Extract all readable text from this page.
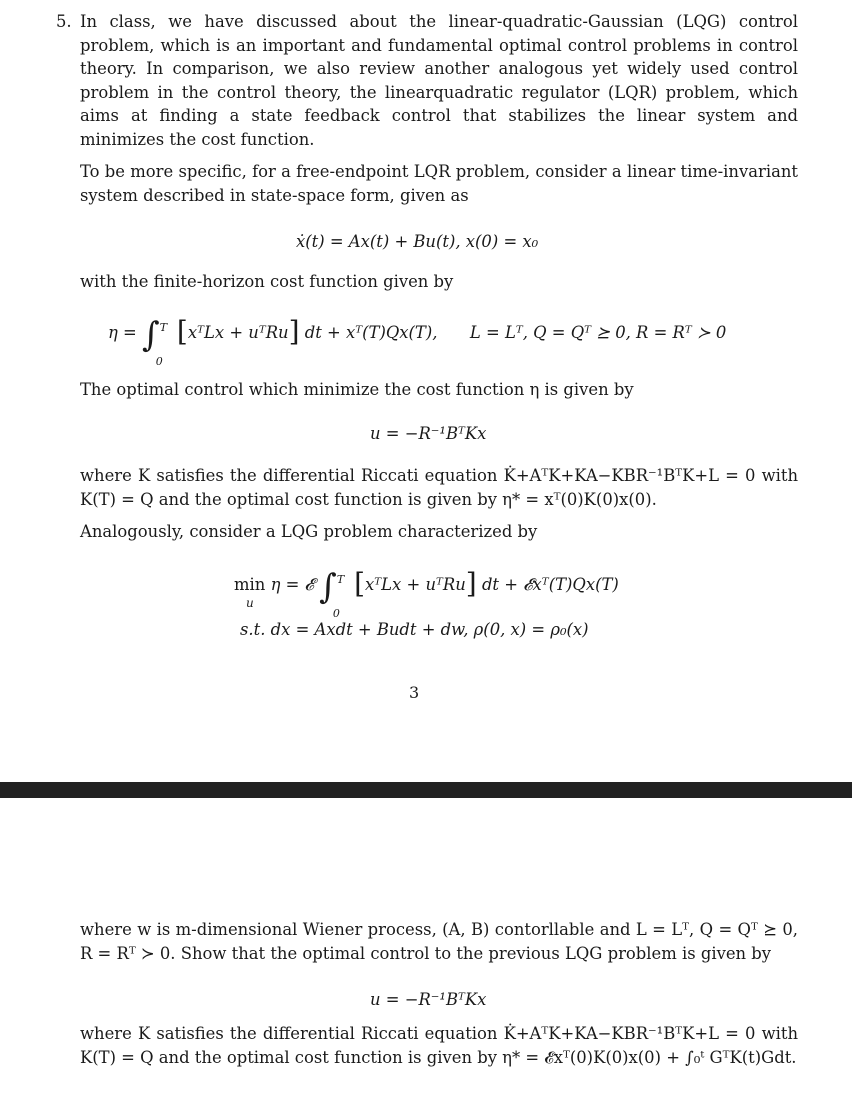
5. In class, we have discussed about the linear-quadratic-Gaussian (LQG) control problem, which is an important and fundamental optimal control problems in control theory. In comparison, we also review another analogous yet widely used control problem in the control theory, the linearquadratic regulator (LQR) problem, which aims at finding a state feedback control that stabilizes the linear system and minimizes the cost function.
To be more specific, for a free-endpoint LQR problem, consider a linear time-invariant system described in state-space form, given as
ẋ(t) = Ax(t) + Bu(t), x(0) = x₀
with the finite-horizon cost function given by
η = ∫ T
0
[xᵀLx + uᵀRu] dt + xᵀ(T)Qx(T), L = Lᵀ, Q = Qᵀ ⪰ 0, R = Rᵀ ≻ 0
The optimal control which minimize the cost function η is given by
u = −R⁻¹BᵀKx
where K satisfies the differential Riccati equation K̇+AᵀK+KA−KBR⁻¹BᵀK+L = 0 with K(T) = Q and the optimal cost function is given by η* = xᵀ(0)K(0)x(0).
Analogously, consider a LQG problem characterized by
min
u
η = 𝓔 ∫ T
0
[xᵀLx + uᵀRu] dt + 𝓔xᵀ(T)Qx(T)
s.t. dx = Axdt + Budt + dw, ρ(0, x) = ρ₀(x)
3
where w is m-dimensional Wiener process, (A, B) contorllable and L = Lᵀ, Q = Qᵀ ⪰ 0, R = Rᵀ ≻ 0. Show that the optimal control to the previous LQG problem is given by
u = −R⁻¹BᵀKx
where K satisfies the differential Riccati equation K̇+AᵀK+KA−KBR⁻¹BᵀK+L = 0 with K(T) = Q and the optimal cost function is given by η* = 𝓔xᵀ(0)K(0)x(0) + ∫₀ᵗ GᵀK(t)Gdt.
